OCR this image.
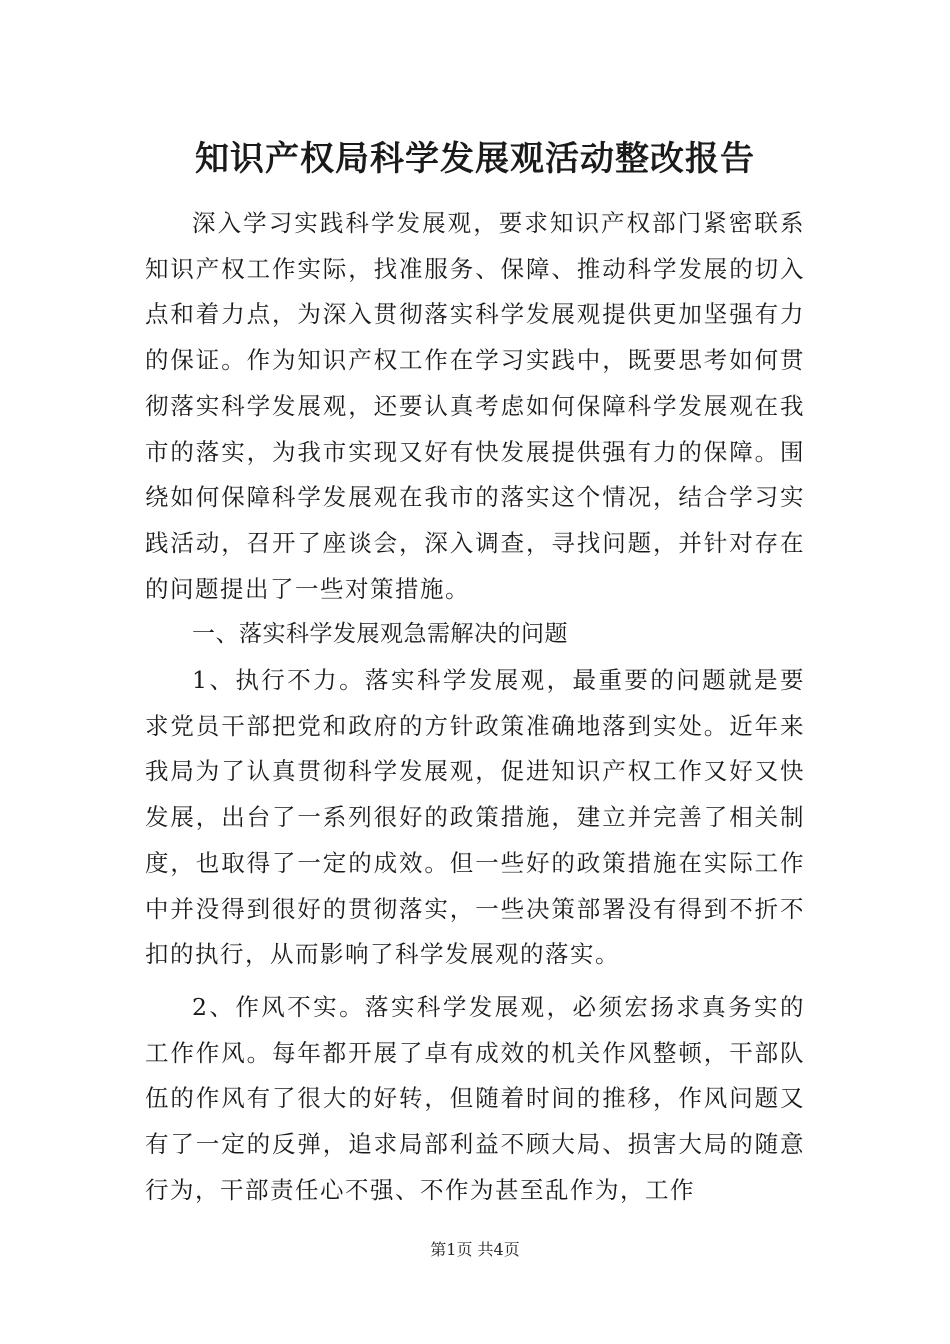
知识产权局科学发展观活动整改报告

深入学习实践科学发展观，要求知识产权部门紧密联系知识产权工作实际，找准服务、保障、推动科学发展的切入点和着力点，为深入贯彻落实科学发展观提供更加坚强有力的保证。作为知识产权工作在学习实践中，既要思考如何贯彻落实科学发展观，还要认真考虑如何保障科学发展观在我市的落实，为我市实现又好有快发展提供强有力的保障。围绕如何保障科学发展观在我市的落实这个情况，结合学习实践活动，召开了座谈会，深入调查，寻找问题，并针对存在的问题提出了一些对策措施。

一、落实科学发展观急需解决的问题

1、执行不力。落实科学发展观，最重要的问题就是要求党员干部把党和政府的方针政策准确地落到实处。近年来我局为了认真贯彻科学发展观，促进知识产权工作又好又快发展，出台了一系列很好的政策措施，建立并完善了相关制度，也取得了一定的成效。但一些好的政策措施在实际工作中并没得到很好的贯彻落实，一些决策部署没有得到不折不扣的执行，从而影响了科学发展观的落实。

2、作风不实。落实科学发展观，必须宏扬求真务实的工作作风。每年都开展了卓有成效的机关作风整顿，干部队伍的作风有了很大的好转，但随着时间的推移，作风问题又有了一定的反弹，追求局部利益不顾大局、损害大局的随意行为，干部责任心不强、不作为甚至乱作为，工作

第1页 共4页
